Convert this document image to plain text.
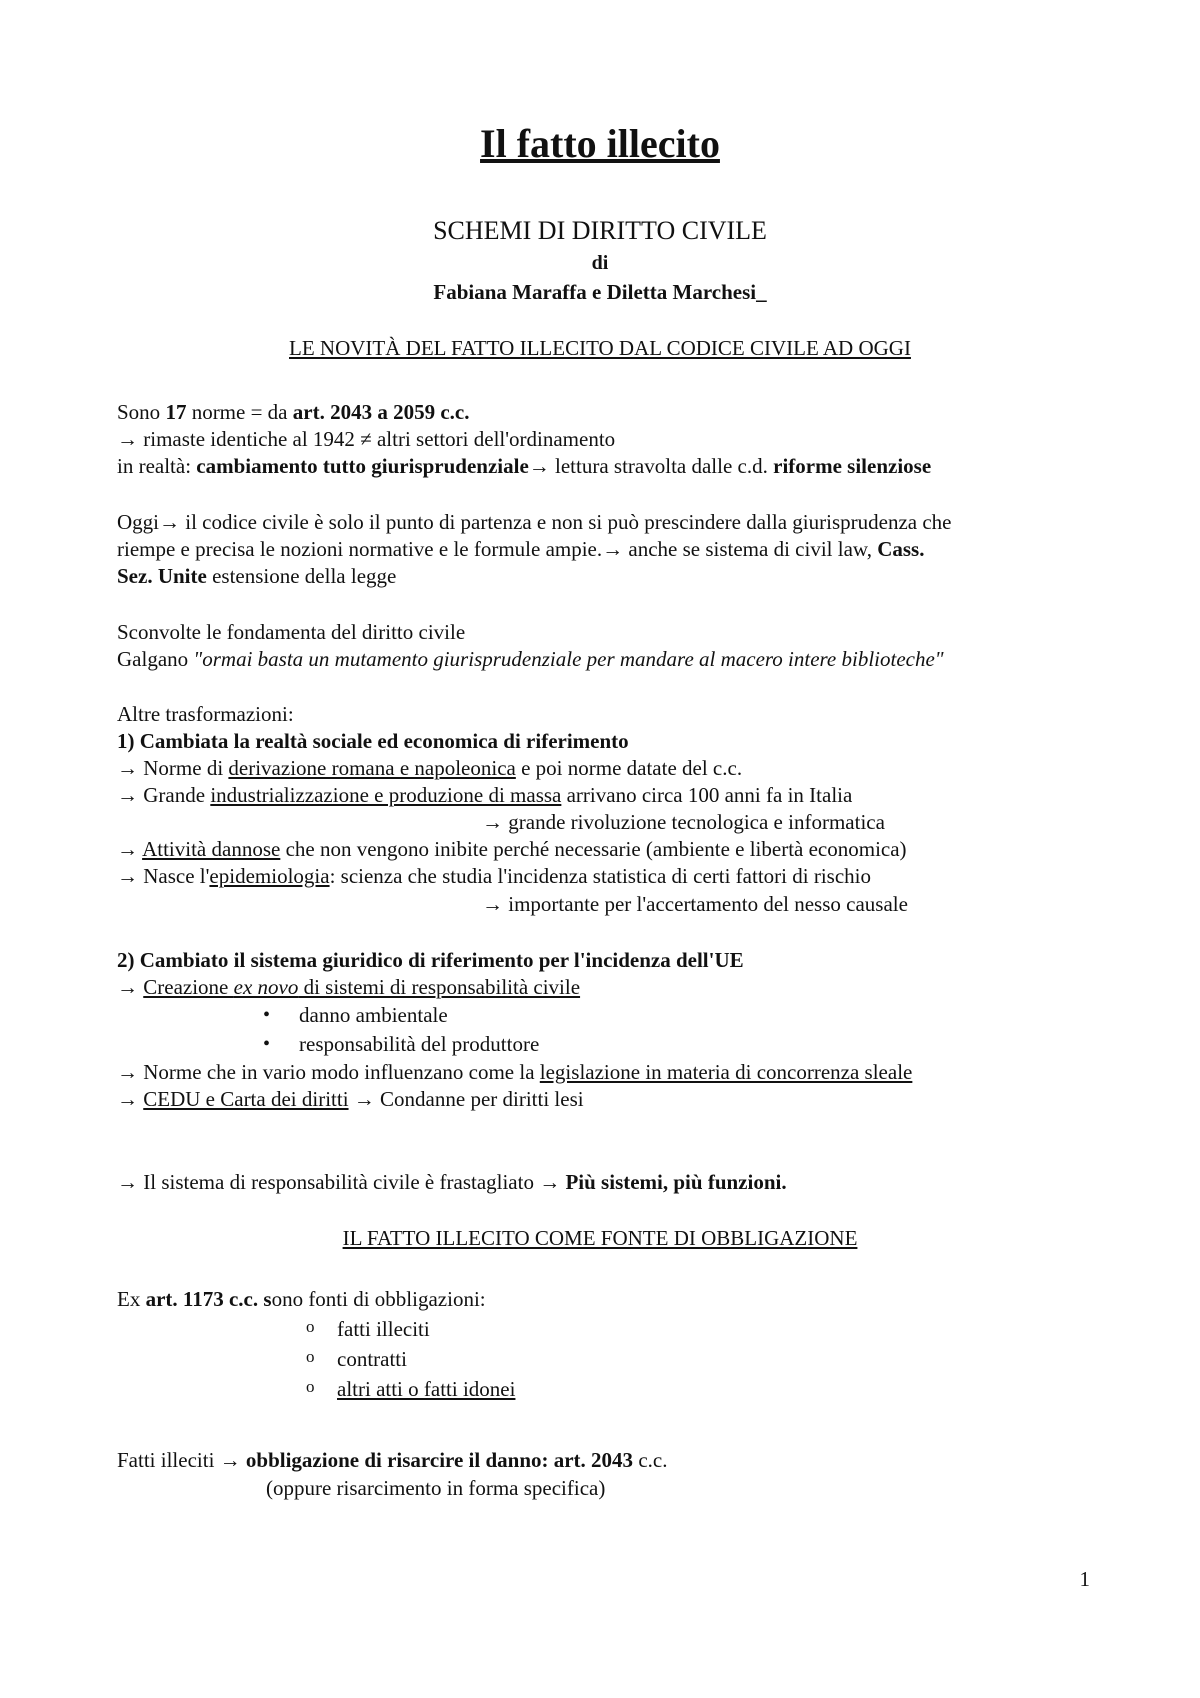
Il fatto illecito
SCHEMI DI DIRITTO CIVILE
di
Fabiana Maraffa e Diletta Marchesi_
LE NOVITÀ DEL FATTO ILLECITO DAL CODICE CIVILE AD OGGI
Sono 17 norme = da art. 2043 a 2059 c.c.
→ rimaste identiche al 1942 ≠ altri settori dell'ordinamento
in realtà: cambiamento tutto giurisprudenziale→ lettura stravolta dalle c.d. riforme silenziose
Oggi→ il codice civile è solo il punto di partenza e non si può prescindere dalla giurisprudenza che
riempe e precisa le nozioni normative e le formule ampie.→ anche se sistema di civil law, Cass.
Sez. Unite estensione della legge
Sconvolte le fondamenta del diritto civile
Galgano "ormai basta un mutamento giurisprudenziale per mandare al macero intere biblioteche"
Altre trasformazioni:
1) Cambiata la realtà sociale ed economica di riferimento
→ Norme di derivazione romana e napoleonica e poi norme datate del c.c.
→ Grande industrializzazione e produzione di massa arrivano circa 100 anni fa in Italia
→ grande rivoluzione tecnologica e informatica
→ Attività dannose che non vengono inibite perché necessarie (ambiente e libertà economica)
→ Nasce l'epidemiologia: scienza che studia l'incidenza statistica di certi fattori di rischio
→ importante per l'accertamento del nesso causale
2) Cambiato il sistema giuridico di riferimento per l'incidenza dell'UE
→ Creazione ex novo di sistemi di responsabilità civile
• danno ambientale
• responsabilità del produttore
→ Norme che in vario modo influenzano come la legislazione in materia di concorrenza sleale
→ CEDU e Carta dei diritti → Condanne per diritti lesi
→ Il sistema di responsabilità civile è frastagliato → Più sistemi, più funzioni.
IL FATTO ILLECITO COME FONTE DI OBBLIGAZIONE
Ex art. 1173 c.c. sono fonti di obbligazioni:
o fatti illeciti
o contratti
o altri atti o fatti idonei
Fatti illeciti → obbligazione di risarcire il danno: art. 2043 c.c.
(oppure risarcimento in forma specifica)
1
